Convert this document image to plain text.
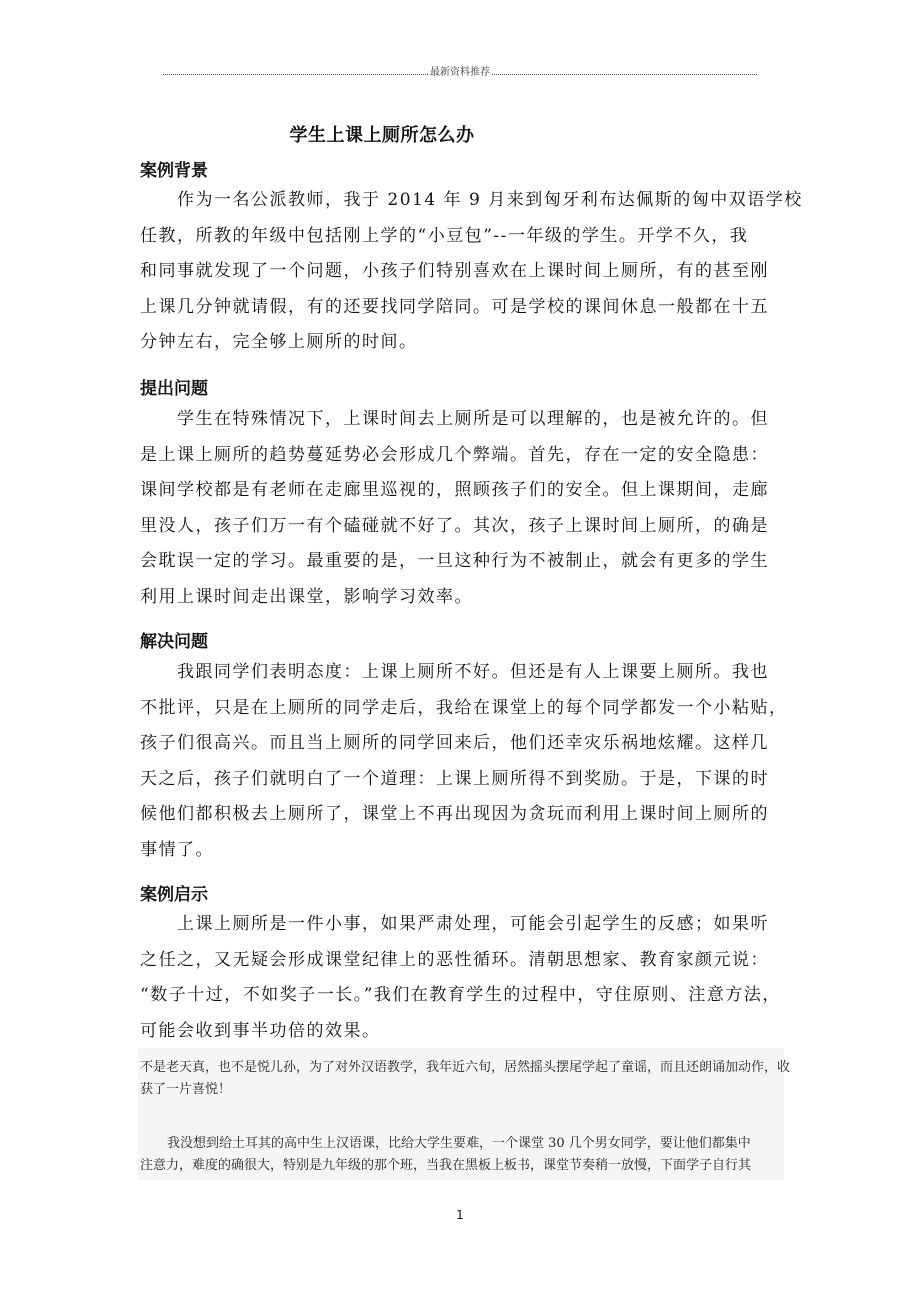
最新资料推荐
学生上课上厕所怎么办
案例背景
作为一名公派教师，我于 2014 年 9 月来到匈牙利布达佩斯的匈中双语学校
任教，所教的年级中包括刚上学的“小豆包”--一年级的学生。开学不久，我
和同事就发现了一个问题，小孩子们特别喜欢在上课时间上厕所，有的甚至刚
上课几分钟就请假，有的还要找同学陪同。可是学校的课间休息一般都在十五
分钟左右，完全够上厕所的时间。
提出问题
学生在特殊情况下，上课时间去上厕所是可以理解的，也是被允许的。但
是上课上厕所的趋势蔓延势必会形成几个弊端。首先，存在一定的安全隐患：
课间学校都是有老师在走廊里巡视的，照顾孩子们的安全。但上课期间，走廊
里没人，孩子们万一有个磕碰就不好了。其次，孩子上课时间上厕所，的确是
会耽误一定的学习。最重要的是，一旦这种行为不被制止，就会有更多的学生
利用上课时间走出课堂，影响学习效率。
解决问题
我跟同学们表明态度：上课上厕所不好。但还是有人上课要上厕所。我也
不批评，只是在上厕所的同学走后，我给在课堂上的每个同学都发一个小粘贴，
孩子们很高兴。而且当上厕所的同学回来后，他们还幸灾乐祸地炫耀。这样几
天之后，孩子们就明白了一个道理：上课上厕所得不到奖励。于是，下课的时
候他们都积极去上厕所了，课堂上不再出现因为贪玩而利用上课时间上厕所的
事情了。
案例启示
上课上厕所是一件小事，如果严肃处理，可能会引起学生的反感；如果听
之任之，又无疑会形成课堂纪律上的恶性循环。清朝思想家、教育家颜元说：
“数子十过，不如奖子一长。”我们在教育学生的过程中，守住原则、注意方法，
可能会收到事半功倍的效果。
不是老天真，也不是悦儿孙，为了对外汉语教学，我年近六旬，居然摇头摆尾学起了童谣，而且还朗诵加动作，收
获了一片喜悦！
我没想到给土耳其的高中生上汉语课，比给大学生要难，一个课堂 30 几个男女同学，要让他们都集中
注意力，难度的确很大，特别是九年级的那个班，当我在黑板上板书，课堂节奏稍一放慢，下面学子自行其
1
